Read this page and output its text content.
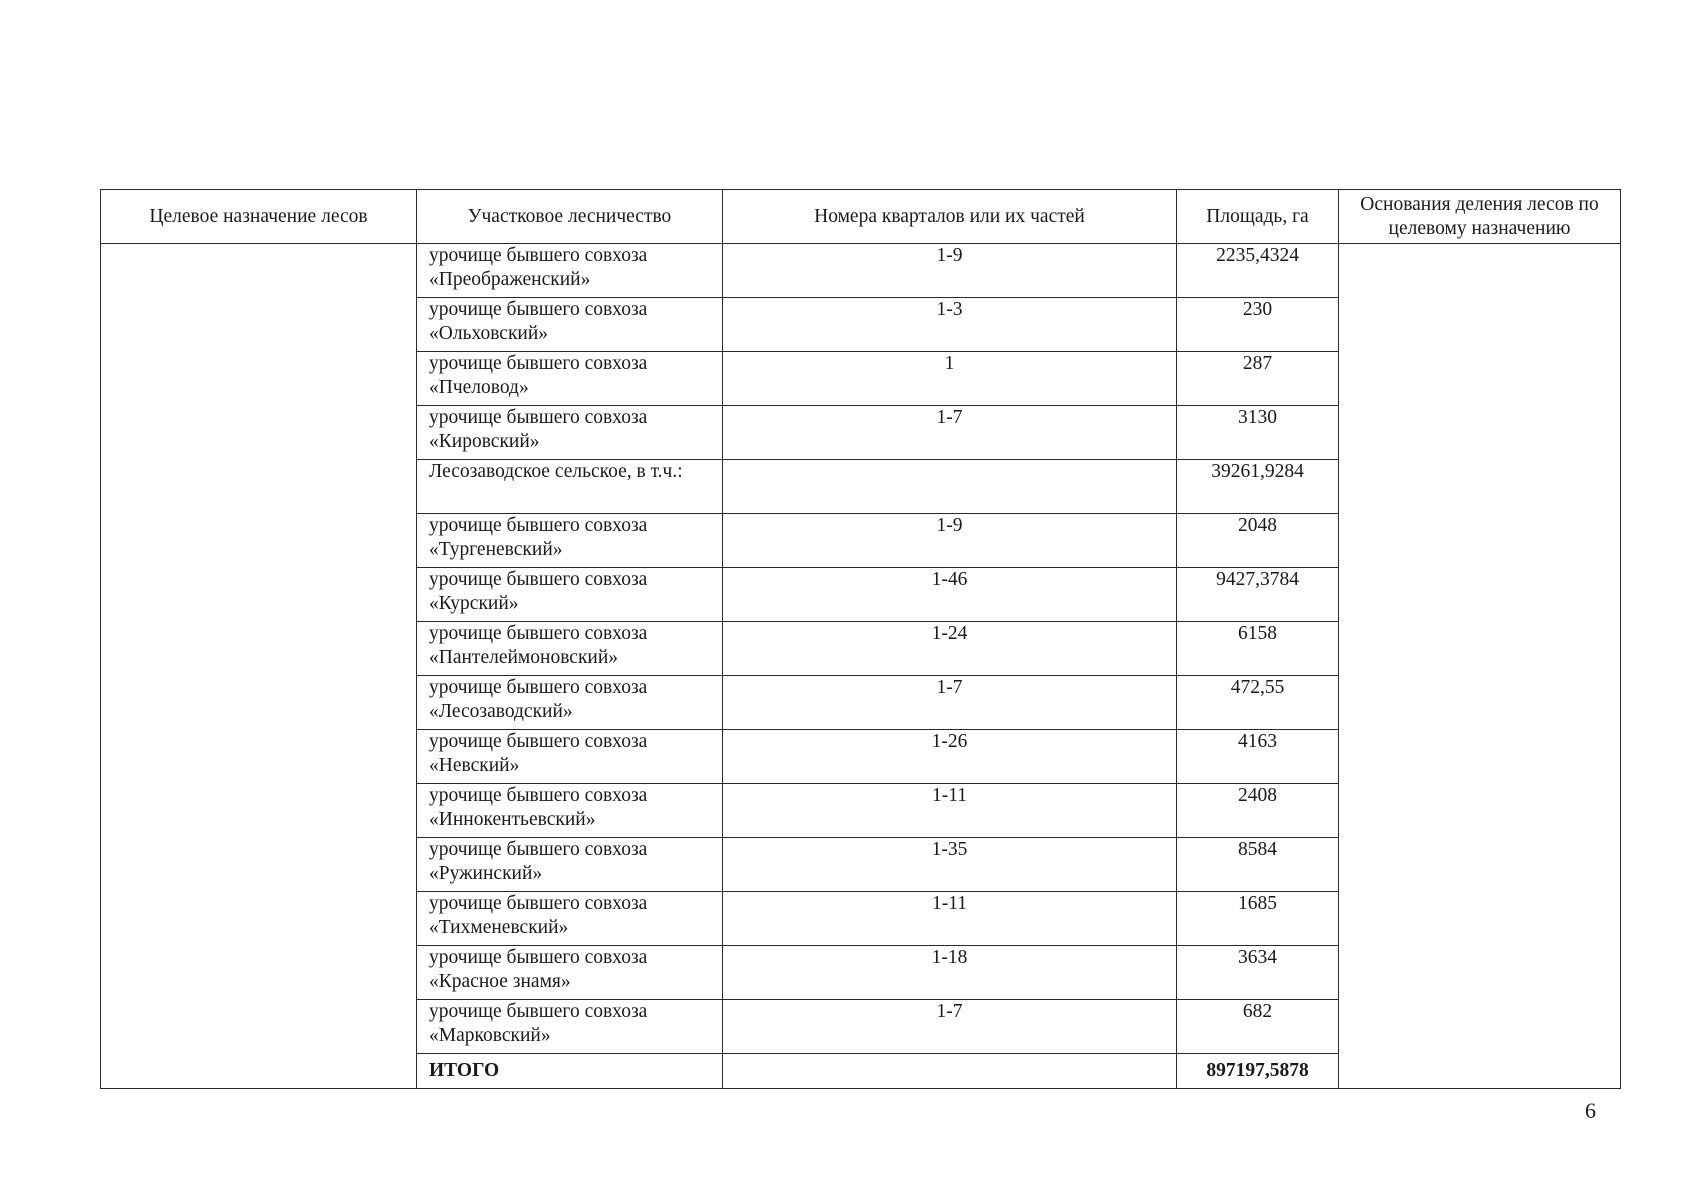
Целевое назначение лесов	Участковое лесничество	Номера кварталов или их частей	Площадь, га	Основания деления лесов по целевому назначению
	урочище бывшего совхоза «Преображенский»	1-9	2235,4324	
	урочище бывшего совхоза «Ольховский»	1-3	230	
	урочище бывшего совхоза «Пчеловод»	1	287	
	урочище бывшего совхоза «Кировский»	1-7	3130	
	Лесозаводское сельское, в т.ч.:		39261,9284	
	урочище бывшего совхоза «Тургеневский»	1-9	2048	
	урочище бывшего совхоза «Курский»	1-46	9427,3784	
	урочище бывшего совхоза «Пантелеймоновский»	1-24	6158	
	урочище бывшего совхоза «Лесозаводский»	1-7	472,55	
	урочище бывшего совхоза «Невский»	1-26	4163	
	урочище бывшего совхоза «Иннокентьевский»	1-11	2408	
	урочище бывшего совхоза «Ружинский»	1-35	8584	
	урочище бывшего совхоза «Тихменевский»	1-11	1685	
	урочище бывшего совхоза «Красное знамя»	1-18	3634	
	урочище бывшего совхоза «Марковский»	1-7	682	
	ИТОГО		897197,5878	
6
